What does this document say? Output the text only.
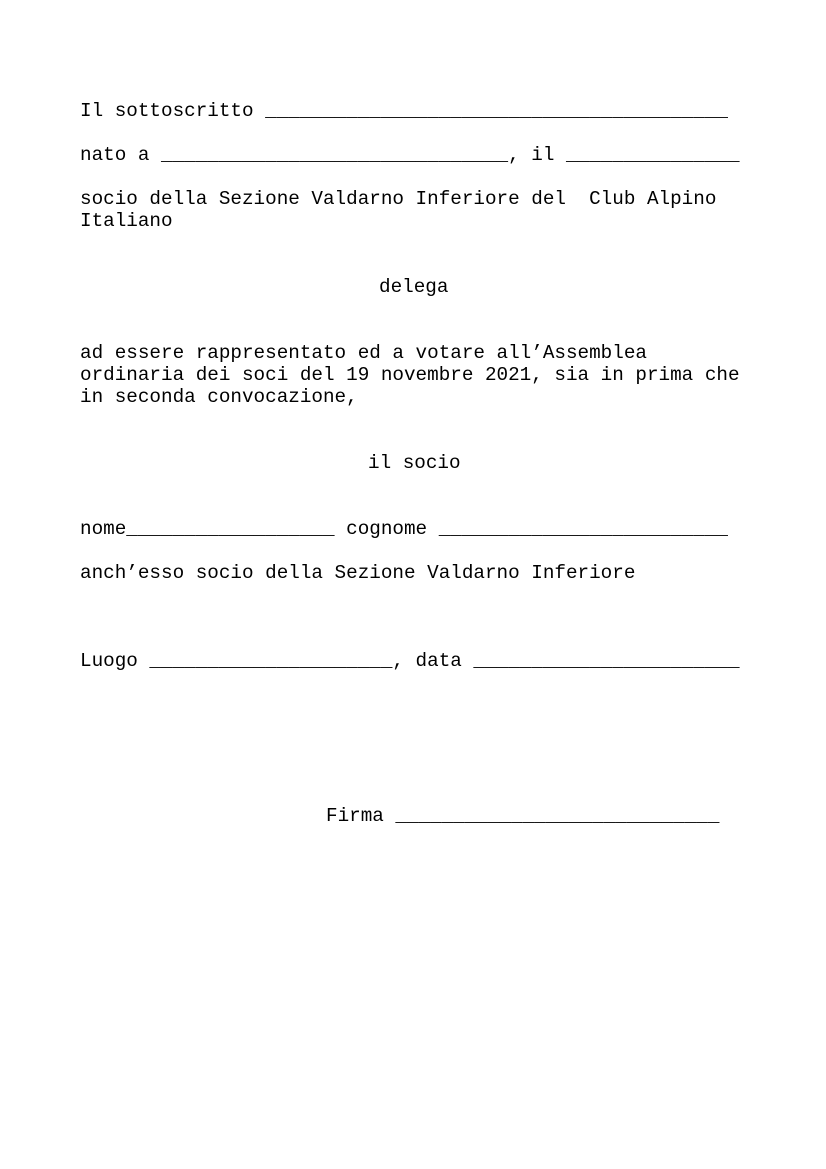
Il sottoscritto ________________________________________

nato a ______________________________, il _______________

socio della Sezione Valdarno Inferiore del  Club Alpino

Italiano

delega

ad essere rappresentato ed a votare all’Assemblea

ordinaria dei soci del 19 novembre 2021, sia in prima che

in seconda convocazione,

il socio

nome__________________ cognome _________________________

anch’esso socio della Sezione Valdarno Inferiore

Luogo _____________________, data _______________________

Firma ____________________________
